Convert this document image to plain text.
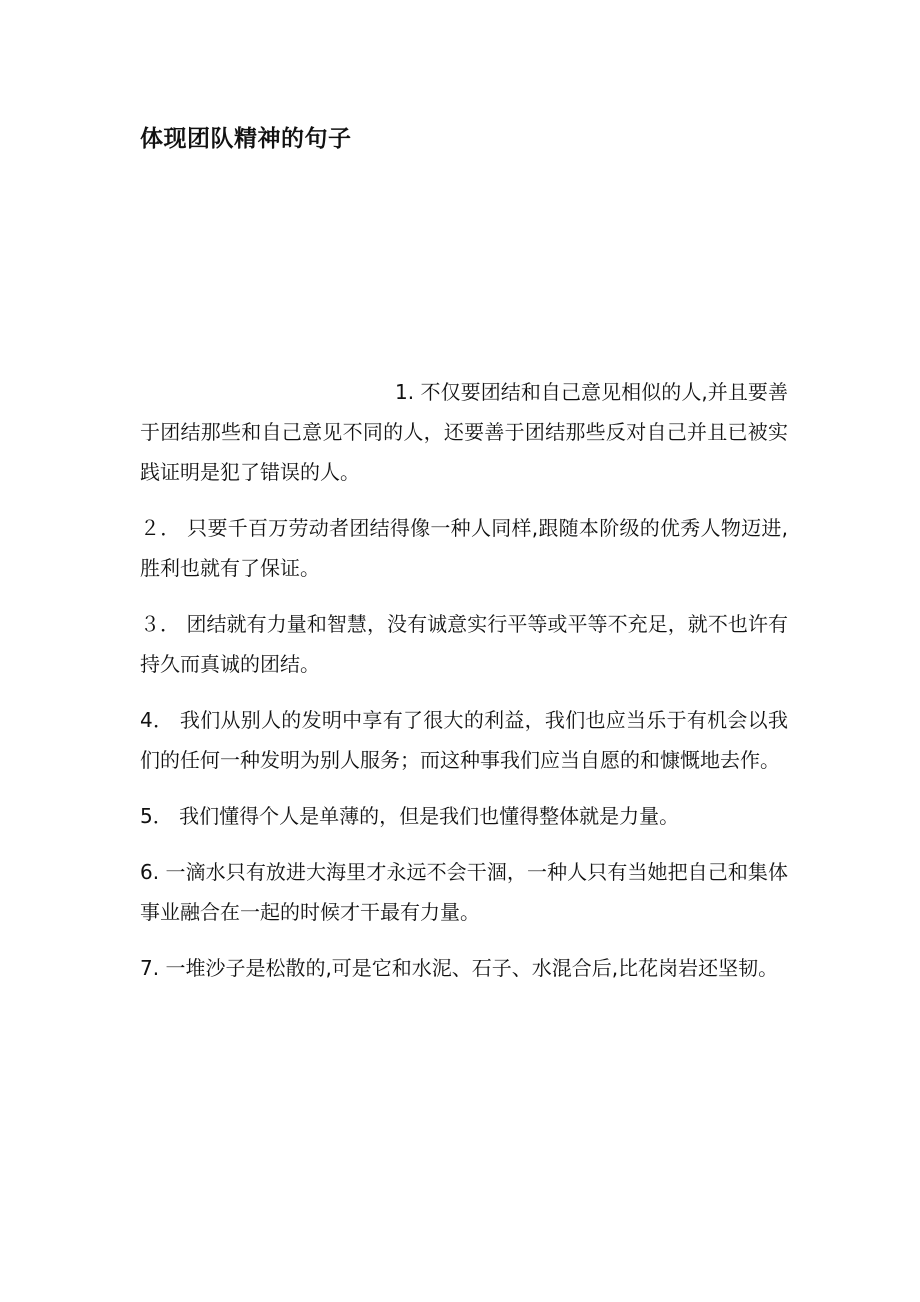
体现团队精神的句子

1. 不仅要团结和自己意见相似的人,并且要善于团结那些和自己意见不同的人，还要善于团结那些反对自己并且已被实践证明是犯了错误的人。

２． 只要千百万劳动者团结得像一种人同样,跟随本阶级的优秀人物迈进,胜利也就有了保证。

３． 团结就有力量和智慧，没有诚意实行平等或平等不充足，就不也许有持久而真诚的团结。

4． 我们从别人的发明中享有了很大的利益，我们也应当乐于有机会以我们的任何一种发明为别人服务；而这种事我们应当自愿的和慷慨地去作。

5． 我们懂得个人是单薄的，但是我们也懂得整体就是力量。

6. 一滴水只有放进大海里才永远不会干涸，一种人只有当她把自己和集体事业融合在一起的时候才干最有力量。

7. 一堆沙子是松散的,可是它和水泥、石子、水混合后,比花岗岩还坚韧。
